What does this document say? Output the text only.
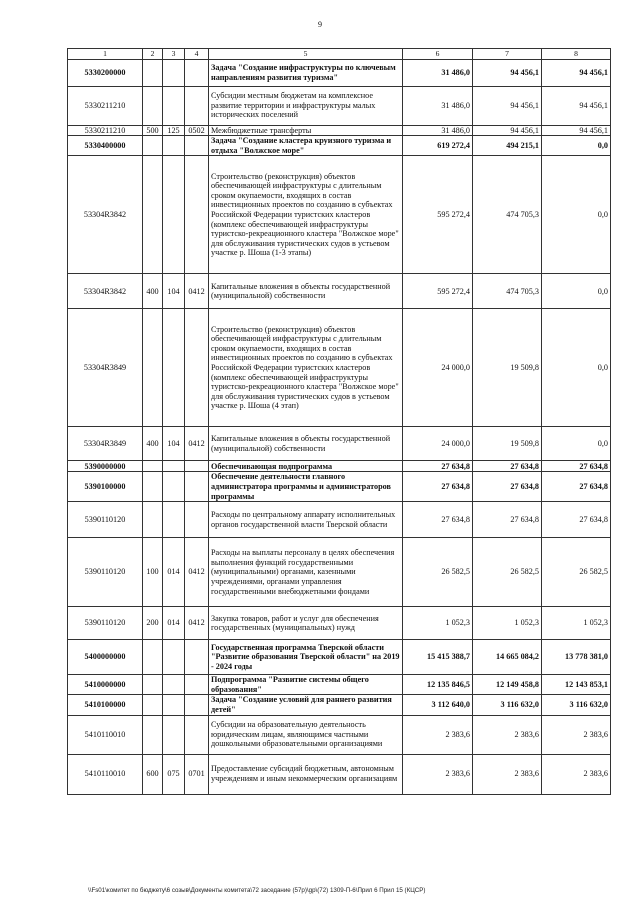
9
1	2	3	4	5	6	7	8
5330200000				Задача "Создание инфраструктуры по ключевым направлениям развития туризма"	31 486,0	94 456,1	94 456,1
5330211210				Субсидии местным бюджетам на комплексное развитие территории и инфраструктуры малых исторических поселений	31 486,0	94 456,1	94 456,1
5330211210	500	125	0502	Межбюджетные трансферты	31 486,0	94 456,1	94 456,1
5330400000				Задача "Создание кластера круизного туризма и отдыха "Волжское море"	619 272,4	494 215,1	0,0
53304R3842				Строительство (реконструкция) объектов обеспечивающей инфраструктуры с длительным сроком окупаемости, входящих в состав инвестиционных проектов по созданию в субъектах Российской Федерации туристских кластеров (комплекс обеспечивающей инфраструктуры туристско-рекреационного кластера "Волжское море" для обслуживания туристических судов в устьевом участке р. Шоша (1-3 этапы)	595 272,4	474 705,3	0,0
53304R3842	400	104	0412	Капитальные вложения в объекты государственной (муниципальной) собственности	595 272,4	474 705,3	0,0
53304R3849				Строительство (реконструкция) объектов обеспечивающей инфраструктуры с длительным сроком окупаемости, входящих в состав инвестиционных проектов по созданию в субъектах Российской Федерации туристских кластеров (комплекс обеспечивающей инфраструктуры туристско-рекреационного кластера "Волжское море" для обслуживания туристических судов в устьевом участке р. Шоша (4 этап)	24 000,0	19 509,8	0,0
53304R3849	400	104	0412	Капитальные вложения в объекты государственной (муниципальной) собственности	24 000,0	19 509,8	0,0
5390000000				Обеспечивающая подпрограмма	27 634,8	27 634,8	27 634,8
5390100000				Обеспечение деятельности главного администратора программы и администраторов программы	27 634,8	27 634,8	27 634,8
5390110120				Расходы по центральному аппарату исполнительных органов государственной власти Тверской области	27 634,8	27 634,8	27 634,8
5390110120	100	014	0412	Расходы на выплаты персоналу в целях обеспечения выполнения функций государственными (муниципальными) органами, казенными учреждениями, органами управления государственными внебюджетными фондами	26 582,5	26 582,5	26 582,5
5390110120	200	014	0412	Закупка товаров, работ и услуг для обеспечения государственных (муниципальных) нужд	1 052,3	1 052,3	1 052,3
5400000000				Государственная программа Тверской области "Развитие образования Тверской области" на 2019 - 2024 годы	15 415 388,7	14 665 084,2	13 778 381,0
5410000000				Подпрограмма "Развитие системы общего образования"	12 135 846,5	12 149 458,8	12 143 853,1
5410100000				Задача "Создание условий для раннего развития детей"	3 112 640,0	3 116 632,0	3 116 632,0
5410110010				Субсидии на образовательную деятельность юридическим лицам, являющимся частными дошкольными образовательными организациями	2 383,6	2 383,6	2 383,6
5410110010	600	075	0701	Предоставление субсидий бюджетным, автономным учреждениям и иным некоммерческим организациям	2 383,6	2 383,6	2 383,6
\\Fs01\комитет по бюджету\6 созыв\Документы комитета\72 заседание (57р)\gp\(72) 1309-П-6\Прил 6 Прил 15 (КЦСР)
